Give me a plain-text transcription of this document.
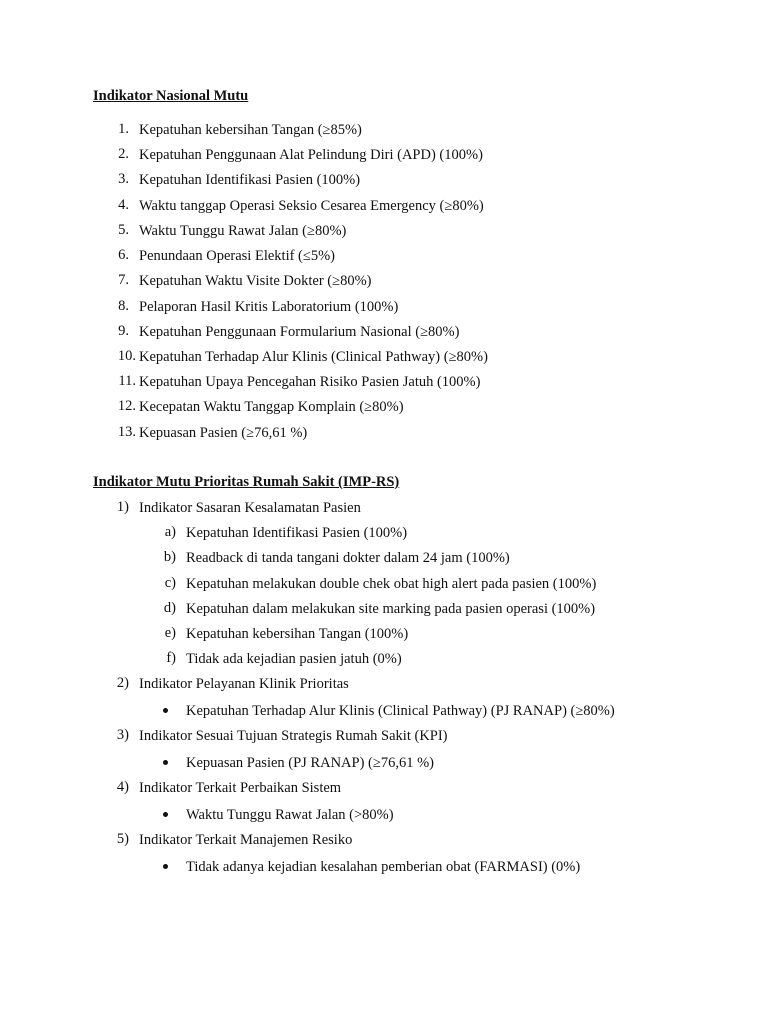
Indikator Nasional Mutu
1. Kepatuhan kebersihan Tangan (≥85%)
2. Kepatuhan Penggunaan Alat Pelindung Diri (APD) (100%)
3. Kepatuhan Identifikasi Pasien (100%)
4. Waktu tanggap Operasi Seksio Cesarea Emergency (≥80%)
5. Waktu Tunggu Rawat Jalan (≥80%)
6. Penundaan Operasi Elektif (≤5%)
7. Kepatuhan Waktu Visite Dokter (≥80%)
8. Pelaporan Hasil Kritis Laboratorium (100%)
9. Kepatuhan Penggunaan Formularium Nasional (≥80%)
10. Kepatuhan Terhadap Alur Klinis (Clinical Pathway) (≥80%)
11. Kepatuhan Upaya Pencegahan Risiko Pasien Jatuh (100%)
12. Kecepatan Waktu Tanggap Komplain (≥80%)
13. Kepuasan Pasien (≥76,61 %)
Indikator Mutu Prioritas Rumah Sakit (IMP-RS)
1) Indikator Sasaran Kesalamatan Pasien
a) Kepatuhan Identifikasi Pasien (100%)
b) Readback di tanda tangani dokter dalam 24 jam (100%)
c) Kepatuhan melakukan double chek obat high alert pada pasien (100%)
d) Kepatuhan dalam melakukan site marking pada pasien operasi (100%)
e) Kepatuhan kebersihan Tangan (100%)
f) Tidak ada kejadian pasien jatuh (0%)
2) Indikator Pelayanan Klinik Prioritas
Kepatuhan Terhadap Alur Klinis (Clinical Pathway) (PJ RANAP) (≥80%)
3) Indikator Sesuai Tujuan Strategis Rumah Sakit (KPI)
Kepuasan Pasien (PJ RANAP) (≥76,61 %)
4) Indikator Terkait Perbaikan Sistem
Waktu Tunggu Rawat Jalan (>80%)
5) Indikator Terkait Manajemen Resiko
Tidak adanya kejadian kesalahan pemberian obat (FARMASI) (0%)
